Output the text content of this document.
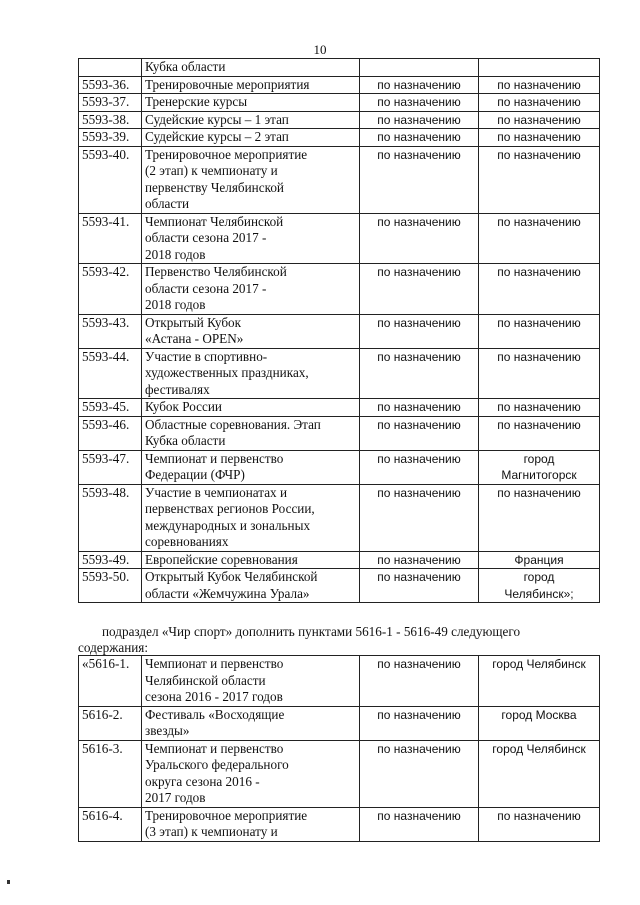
10
	Кубка области		
5593-36.	Тренировочные мероприятия	по назначению	по назначению
5593-37.	Тренерские курсы	по назначению	по назначению
5593-38.	Судейские курсы – 1 этап	по назначению	по назначению
5593-39.	Судейские курсы – 2 этап	по назначению	по назначению
5593-40.	Тренировочное мероприятие
(2 этап) к чемпионату и
первенству Челябинской
области	по назначению	по назначению
5593-41.	Чемпионат Челябинской
области сезона 2017 -
2018 годов	по назначению	по назначению
5593-42.	Первенство Челябинской
области сезона 2017 -
2018 годов	по назначению	по назначению
5593-43.	Открытый Кубок
«Астана - OPEN»	по назначению	по назначению
5593-44.	Участие в спортивно-
художественных праздниках,
фестивалях	по назначению	по назначению
5593-45.	Кубок России	по назначению	по назначению
5593-46.	Областные соревнования. Этап
Кубка области	по назначению	по назначению
5593-47.	Чемпионат и первенство
Федерации (ФЧР)	по назначению	город
Магнитогорск
5593-48.	Участие в чемпионатах и
первенствах регионов России,
международных и зональных
соревнованиях	по назначению	по назначению
5593-49.	Европейские соревнования	по назначению	Франция
5593-50.	Открытый Кубок Челябинской
области «Жемчужина Урала»	по назначению	город
Челябинск»;
подраздел «Чир спорт» дополнить пунктами 5616-1 - 5616-49 следующего
содержания:
«5616-1.	Чемпионат и первенство
Челябинской области
сезона 2016 - 2017 годов	по назначению	город Челябинск
5616-2.	Фестиваль «Восходящие
звезды»	по назначению	город Москва
5616-3.	Чемпионат и первенство
Уральского федерального
округа сезона 2016 -
2017 годов	по назначению	город Челябинск
5616-4.	Тренировочное мероприятие
(3 этап) к чемпионату и	по назначению	по назначению
